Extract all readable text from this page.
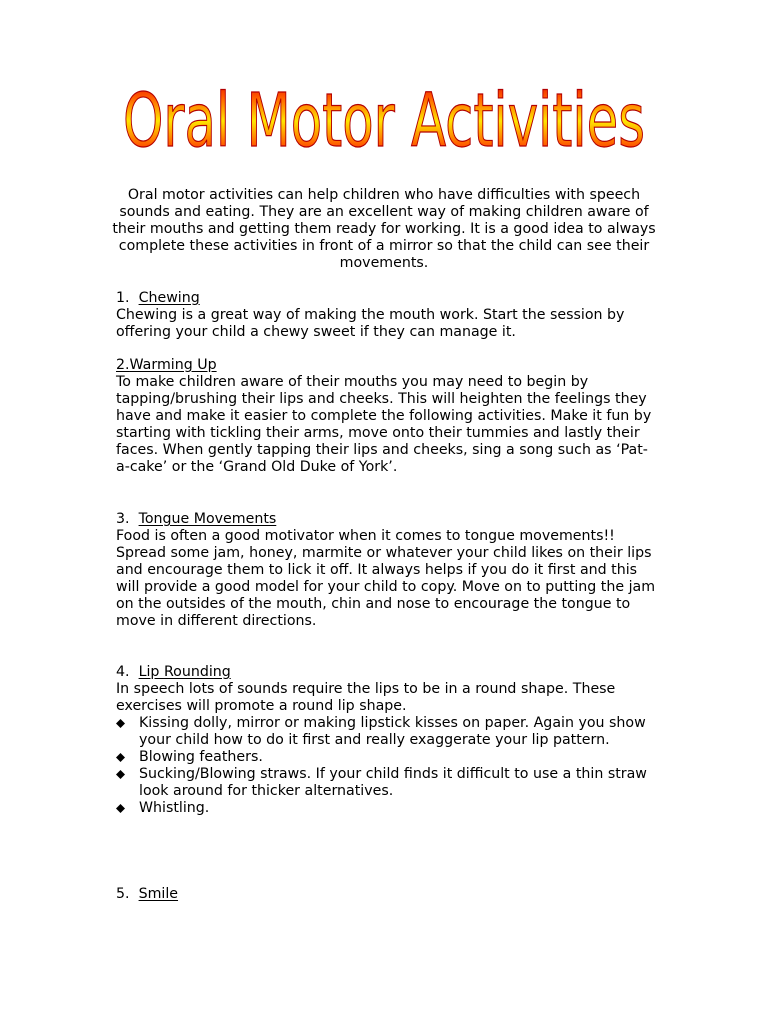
Oral Motor Activities

Oral motor activities can help children who have difficulties with speech sounds and eating. They are an excellent way of making children aware of their mouths and getting them ready for working. It is a good idea to always complete these activities in front of a mirror so that the child can see their movements.

1. Chewing
Chewing is a great way of making the mouth work. Start the session by offering your child a chewy sweet if they can manage it.
2.Warming Up
To make children aware of their mouths you may need to begin by tapping/brushing their lips and cheeks. This will heighten the feelings they have and make it easier to complete the following activities. Make it fun by starting with tickling their arms, move onto their tummies and lastly their faces. When gently tapping their lips and cheeks, sing a song such as ‘Pat-a-cake’ or the ‘Grand Old Duke of York’.
3. Tongue Movements
Food is often a good motivator when it comes to tongue movements!! Spread some jam, honey, marmite or whatever your child likes on their lips and encourage them to lick it off. It always helps if you do it first and this will provide a good model for your child to copy. Move on to putting the jam on the outsides of the mouth, chin and nose to encourage the tongue to move in different directions.
4. Lip Rounding
In speech lots of sounds require the lips to be in a round shape. These exercises will promote a round lip shape.
Kissing dolly, mirror or making lipstick kisses on paper. Again you show your child how to do it first and really exaggerate your lip pattern.
Blowing feathers.
Sucking/Blowing straws. If your child finds it difficult to use a thin straw look around for thicker alternatives.
Whistling.
5. Smile
